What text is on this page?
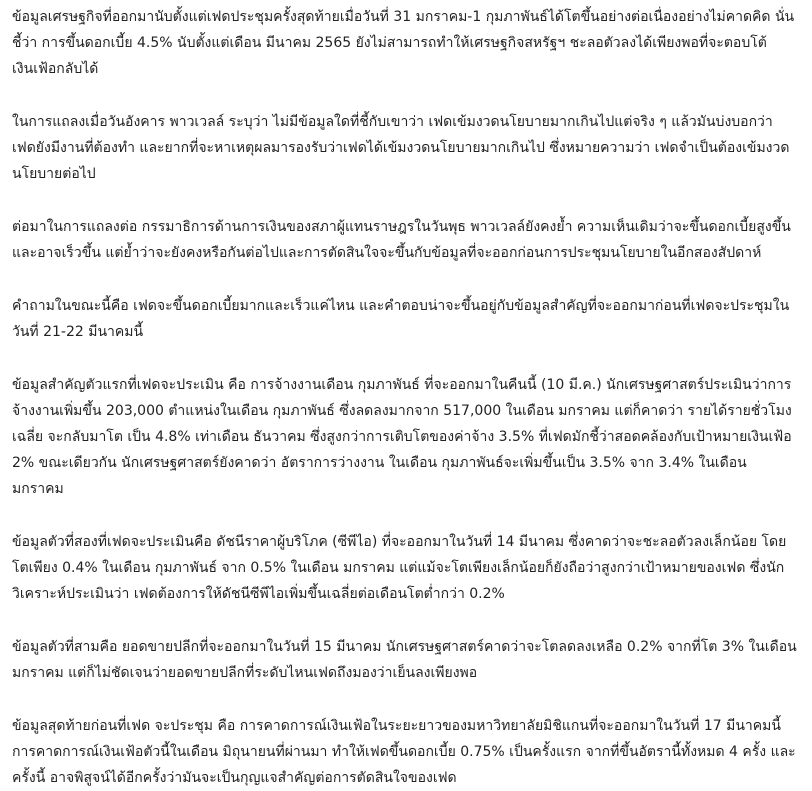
ข้อมูลเศรษฐกิจที่ออกมานับตั้งแต่เฟดประชุมครั้งสุดท้ายเมื่อวันที่ 31 มกราคม-1 กุมภาพันธ์ได้โตขึ้นอย่างต่อเนื่องอย่างไม่คาดคิด นั่นชี้ว่า การขึ้นดอกเบี้ย 4.5% นับตั้งแต่เดือน มีนาคม 2565 ยังไม่สามารถทำให้เศรษฐกิจสหรัฐฯ ชะลอตัวลงได้เพียงพอที่จะตอบโต้เงินเฟ้อกลับได้

ในการแถลงเมื่อวันอังคาร พาวเวลล์ ระบุว่า ไม่มีข้อมูลใดที่ชี้กับเขาว่า เฟดเข้มงวดนโยบายมากเกินไปแต่จริง ๆ แล้วมันบ่งบอกว่า เฟดยังมีงานที่ต้องทำ และยากที่จะหาเหตุผลมารองรับว่าเฟดได้เข้มงวดนโยบายมากเกินไป ซึ่งหมายความว่า เฟดจำเป็นต้องเข้มงวดนโยบายต่อไป

ต่อมาในการแถลงต่อ กรรมาธิการด้านการเงินของสภาผู้แทนราษฎรในวันพุธ พาวเวลล์ยังคงย้ำ ความเห็นเดิมว่าจะขึ้นดอกเบี้ยสูงขึ้นและอาจเร็วขึ้น แต่ย้ำว่าจะยังคงหรือกันต่อไปและการตัดสินใจจะขึ้นกับข้อมูลที่จะออกก่อนการประชุมนโยบายในอีกสองสัปดาห์

คำถามในขณะนี้คือ เฟดจะขึ้นดอกเบี้ยมากและเร็วแค่ไหน และคำตอบน่าจะขึ้นอยู่กับข้อมูลสำคัญที่จะออกมาก่อนที่เฟดจะประชุมในวันที่ 21-22 มีนาคมนี้

ข้อมูลสำคัญตัวแรกที่เฟดจะประเมิน คือ การจ้างงานเดือน กุมภาพันธ์ ที่จะออกมาในคืนนี้ (10 มี.ค.) นักเศรษฐศาสตร์ประเมินว่าการจ้างงานเพิ่มขึ้น 203,000 ตำแหน่งในเดือน กุมภาพันธ์ ซึ่งลดลงมากจาก 517,000 ในเดือน มกราคม แต่ก็คาดว่า รายได้รายชั่วโมงเฉลี่ย จะกลับมาโต เป็น 4.8% เท่าเดือน ธันวาคม ซึ่งสูงกว่าการเติบโตของค่าจ้าง 3.5% ที่เฟดมักชี้ว่าสอดคล้องกับเป้าหมายเงินเฟ้อ 2% ขณะเดียวกัน นักเศรษฐศาสตร์ยังคาดว่า อัตราการว่างงาน ในเดือน กุมภาพันธ์จะเพิ่มขึ้นเป็น 3.5% จาก 3.4% ในเดือน มกราคม

ข้อมูลตัวที่สองที่เฟดจะประเมินคือ ดัชนีราคาผู้บริโภค (ซีพีไอ) ที่จะออกมาในวันที่ 14 มีนาคม ซึ่งคาดว่าจะชะลอตัวลงเล็กน้อย โดยโตเพียง 0.4% ในเดือน กุมภาพันธ์ จาก 0.5% ในเดือน มกราคม แต่แม้จะโตเพียงเล็กน้อยก็ยังถือว่าสูงกว่าเป้าหมายของเฟด ซึ่งนักวิเคราะห์ประเมินว่า เฟดต้องการให้ดัชนีซีพีไอเพิ่มขึ้นเฉลี่ยต่อเดือนโตต่ำกว่า 0.2%

ข้อมูลตัวที่สามคือ ยอดขายปลีกที่จะออกมาในวันที่ 15 มีนาคม นักเศรษฐศาสตร์คาดว่าจะโตลดลงเหลือ 0.2% จากที่โต 3% ในเดือน มกราคม แต่ก็ไม่ชัดเจนว่ายอดขายปลีกที่ระดับไหนเฟดถึงมองว่าเย็นลงเพียงพอ

ข้อมูลสุดท้ายก่อนที่เฟด จะประชุม คือ การคาดการณ์เงินเฟ้อในระยะยาวของมหาวิทยาลัยมิชิแกนที่จะออกมาในวันที่ 17 มีนาคมนี้ การคาดการณ์เงินเฟ้อตัวนี้ในเดือน มิถุนายนที่ผ่านมา ทำให้เฟดขึ้นดอกเบี้ย 0.75% เป็นครั้งแรก จากที่ขึ้นอัตรานี้ทั้งหมด 4 ครั้ง และครั้งนี้ อาจพิสูจน์ได้อีกครั้งว่ามันจะเป็นกุญแจสำคัญต่อการตัดสินใจของเฟด
